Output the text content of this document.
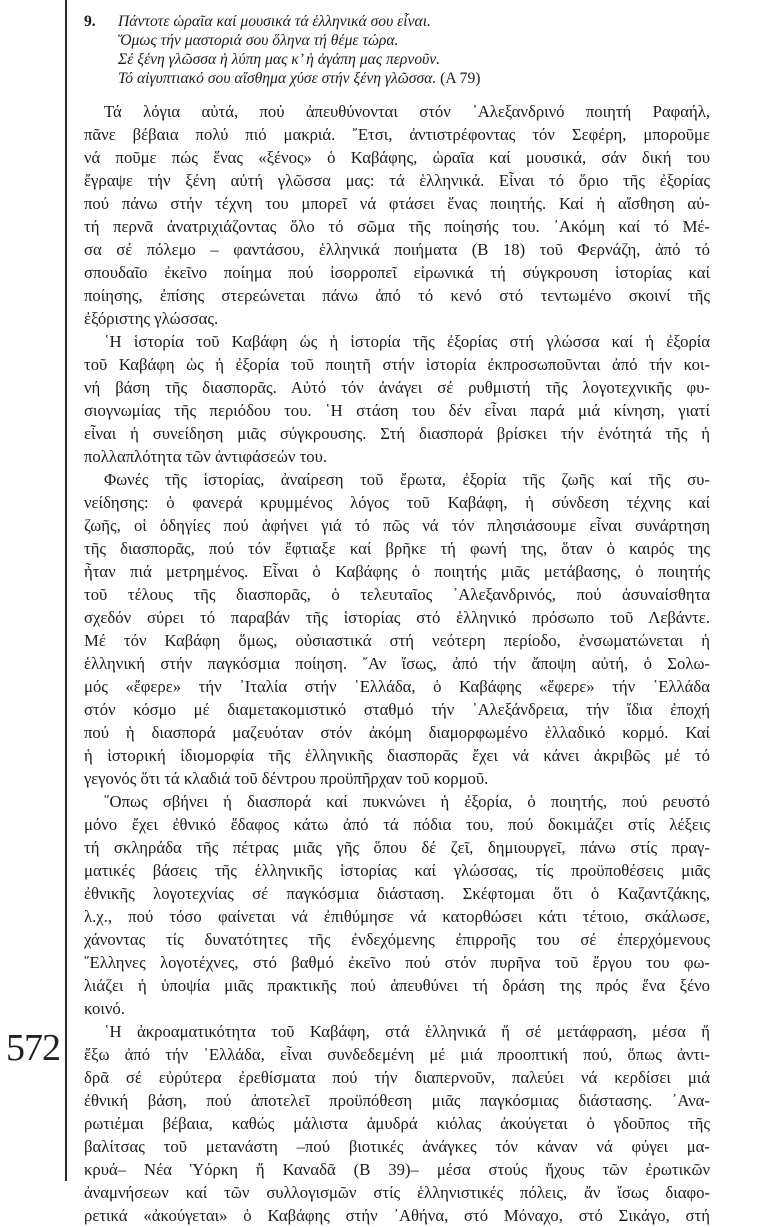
572
9. Πάντοτε ὡραῖα καί μουσικά τά ἑλληνικά σου εἶναι.
Ὅμως τήν μαστοριά σου ὅληνα τή θέμε τώρα.
Σέ ξένη γλῶσσα ἡ λύπη μας κ’ ἡ ἀγάπη μας περνοῦν.
Τό αἰγυπτιακό σου αἴσθημα χύσε στήν ξένη γλῶσσα. (Α 79)
Τά λόγια αὐτά, πού ἀπευθύνονται στόν ᾿Αλεξανδρινό ποιητή Ραφαήλ,
πᾶνε βέβαια πολύ πιό μακριά. ῎Ετσι, ἀντιστρέφοντας τόν Σεφέρη, μποροῦμε
νά ποῦμε πώς ἕνας «ξένος» ὁ Καβάφης, ὡραῖα καί μουσικά, σάν δική του
ἔγραψε τήν ξένη αὐτή γλῶσσα μας: τά ἑλληνικά. Εἶναι τό ὅριο τῆς ἐξορίας
πού πάνω στήν τέχνη του μπορεῖ νά φτάσει ἕνας ποιητής. Καί ἡ αἴσθηση αὐ-
τή περνᾶ ἀνατριχιάζοντας ὅλο τό σῶμα τῆς ποίησής του. ᾿Ακόμη καί τό Μέ-
σα σέ πόλεμο – φαντάσου, ἑλληνικά ποιήματα (Β 18) τοῦ Φερνάζη, ἀπό τό
σπουδαῖο ἐκεῖνο ποίημα πού ἰσορροπεῖ εἰρωνικά τή σύγκρουση ἱστορίας καί
ποίησης, ἐπίσης στερεώνεται πάνω ἀπό τό κενό στό τεντωμένο σκοινί τῆς
ἐξόριστης γλώσσας.
῾Η ἱστορία τοῦ Καβάφη ὡς ἡ ἱστορία τῆς ἐξορίας στή γλώσσα καί ἡ ἐξορία
τοῦ Καβάφη ὡς ἡ ἐξορία τοῦ ποιητῆ στήν ἱστορία ἐκπροσωποῦνται ἀπό τήν κοι-
νή βάση τῆς διασπορᾶς. Αὐτό τόν ἀνάγει σέ ρυθμιστή τῆς λογοτεχνικῆς φυ-
σιογνωμίας τῆς περιόδου του. ῾Η στάση του δέν εἶναι παρά μιά κίνηση, γιατί
εἶναι ἡ συνείδηση μιᾶς σύγκρουσης. Στή διασπορά βρίσκει τήν ἑνότητά τῆς ἡ
πολλαπλότητα τῶν ἀντιφάσεών του.
Φωνές τῆς ἱστορίας, ἀναίρεση τοῦ ἔρωτα, ἐξορία τῆς ζωῆς καί τῆς συ-
νείδησης: ὁ φανερά κρυμμένος λόγος τοῦ Καβάφη, ἡ σύνδεση τέχνης καί
ζωῆς, οἱ ὁδηγίες πού ἀφήνει γιά τό πῶς νά τόν πλησιάσουμε εἶναι συνάρτηση
τῆς διασπορᾶς, πού τόν ἔφτιαξε καί βρῆκε τή φωνή της, ὅταν ὁ καιρός της
ἦταν πιά μετρημένος. Εἶναι ὁ Καβάφης ὁ ποιητής μιᾶς μετάβασης, ὁ ποιητής
τοῦ τέλους τῆς διασπορᾶς, ὁ τελευταῖος ᾿Αλεξανδρινός, πού ἀσυναίσθητα
σχεδόν σύρει τό παραβάν τῆς ἱστορίας στό ἑλληνικό πρόσωπο τοῦ Λεβάντε.
Μέ τόν Καβάφη ὅμως, οὐσιαστικά στή νεότερη περίοδο, ἐνσωματώνεται ἡ
ἑλληνική στήν παγκόσμια ποίηση. ῎Αν ἴσως, ἀπό τήν ἄποψη αὐτή, ὁ Σολω-
μός «ἔφερε» τήν ᾿Ιταλία στήν ῾Ελλάδα, ὁ Καβάφης «ἔφερε» τήν ῾Ελλάδα
στόν κόσμο μέ διαμετακομιστικό σταθμό τήν ᾿Αλεξάνδρεια, τήν ἴδια ἐποχή
πού ἡ διασπορά μαζευόταν στόν ἀκόμη διαμορφωμένο ἑλλαδικό κορμό. Καί
ἡ ἱστορική ἰδιομορφία τῆς ἑλληνικῆς διασπορᾶς ἔχει νά κάνει ἀκριβῶς μέ τό
γεγονός ὅτι τά κλαδιά τοῦ δέντρου προϋπῆρχαν τοῦ κορμοῦ.
῞Οπως σβήνει ἡ διασπορά καί πυκνώνει ἡ ἐξορία, ὁ ποιητής, πού ρευστό
μόνο ἔχει ἐθνικό ἔδαφος κάτω ἀπό τά πόδια του, πού δοκιμάζει στίς λέξεις
τή σκληράδα τῆς πέτρας μιᾶς γῆς ὅπου δέ ζεῖ, δημιουργεῖ, πάνω στίς πραγ-
ματικές βάσεις τῆς ἑλληνικῆς ἱστορίας καί γλώσσας, τίς προϋποθέσεις μιᾶς
ἐθνικῆς λογοτεχνίας σέ παγκόσμια διάσταση. Σκέφτομαι ὅτι ὁ Καζαντζάκης,
λ.χ., πού τόσο φαίνεται νά ἐπιθύμησε νά κατορθώσει κάτι τέτοιο, σκάλωσε,
χάνοντας τίς δυνατότητες τῆς ἐνδεχόμενης ἐπιρροῆς του σέ ἐπερχόμενους
῞Ελληνες λογοτέχνες, στό βαθμό ἐκεῖνο πού στόν πυρῆνα τοῦ ἔργου του φω-
λιάζει ἡ ὑποψία μιᾶς πρακτικῆς πού ἀπευθύνει τή δράση της πρός ἕνα ξένο
κοινό.
῾Η ἀκροαματικότητα τοῦ Καβάφη, στά ἑλληνικά ἤ σέ μετάφραση, μέσα ἤ
ἔξω ἀπό τήν ῾Ελλάδα, εἶναι συνδεδεμένη μέ μιά προοπτική πού, ὅπως ἀντι-
δρᾶ σέ εὐρύτερα ἐρεθίσματα πού τήν διαπερνοῦν, παλεύει νά κερδίσει μιά
ἐθνική βάση, πού ἀποτελεῖ προϋπόθεση μιᾶς παγκόσμιας διάστασης. ᾿Ανα-
ρωτιέμαι βέβαια, καθώς μάλιστα ἀμυδρά κιόλας ἀκούγεται ὁ γδοῦπος τῆς
βαλίτσας τοῦ μετανάστη –πού βιοτικές ἀνάγκες τόν κάναν νά φύγει μα-
κρυά– Νέα Ὑόρκη ἤ Καναδᾶ (Β 39)– μέσα στούς ἤχους τῶν ἐρωτικῶν
ἀναμνήσεων καί τῶν συλλογισμῶν στίς ἑλληνιστικές πόλεις, ἄν ἴσως διαφο-
ρετικά «ἀκούγεται» ὁ Καβάφης στήν ᾿Αθήνα, στό Μόναχο, στό Σικάγο, στή
